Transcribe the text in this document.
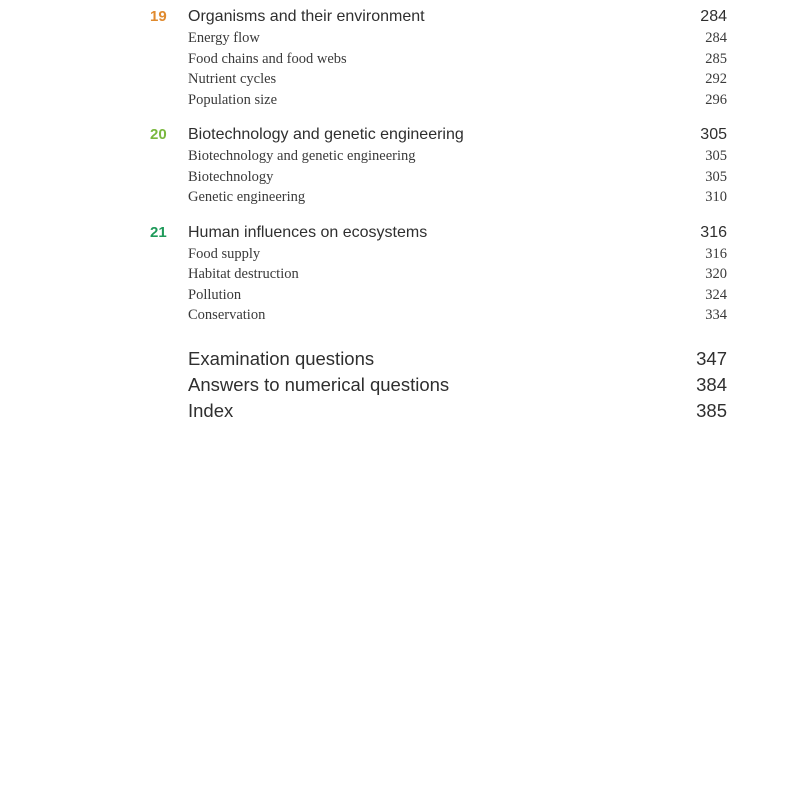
19	Organisms and their environment	284
Energy flow	284
Food chains and food webs	285
Nutrient cycles	292
Population size	296
20	Biotechnology and genetic engineering	305
Biotechnology and genetic engineering	305
Biotechnology	305
Genetic engineering	310
21	Human influences on ecosystems	316
Food supply	316
Habitat destruction	320
Pollution	324
Conservation	334
Examination questions	347
Answers to numerical questions	384
Index	385
